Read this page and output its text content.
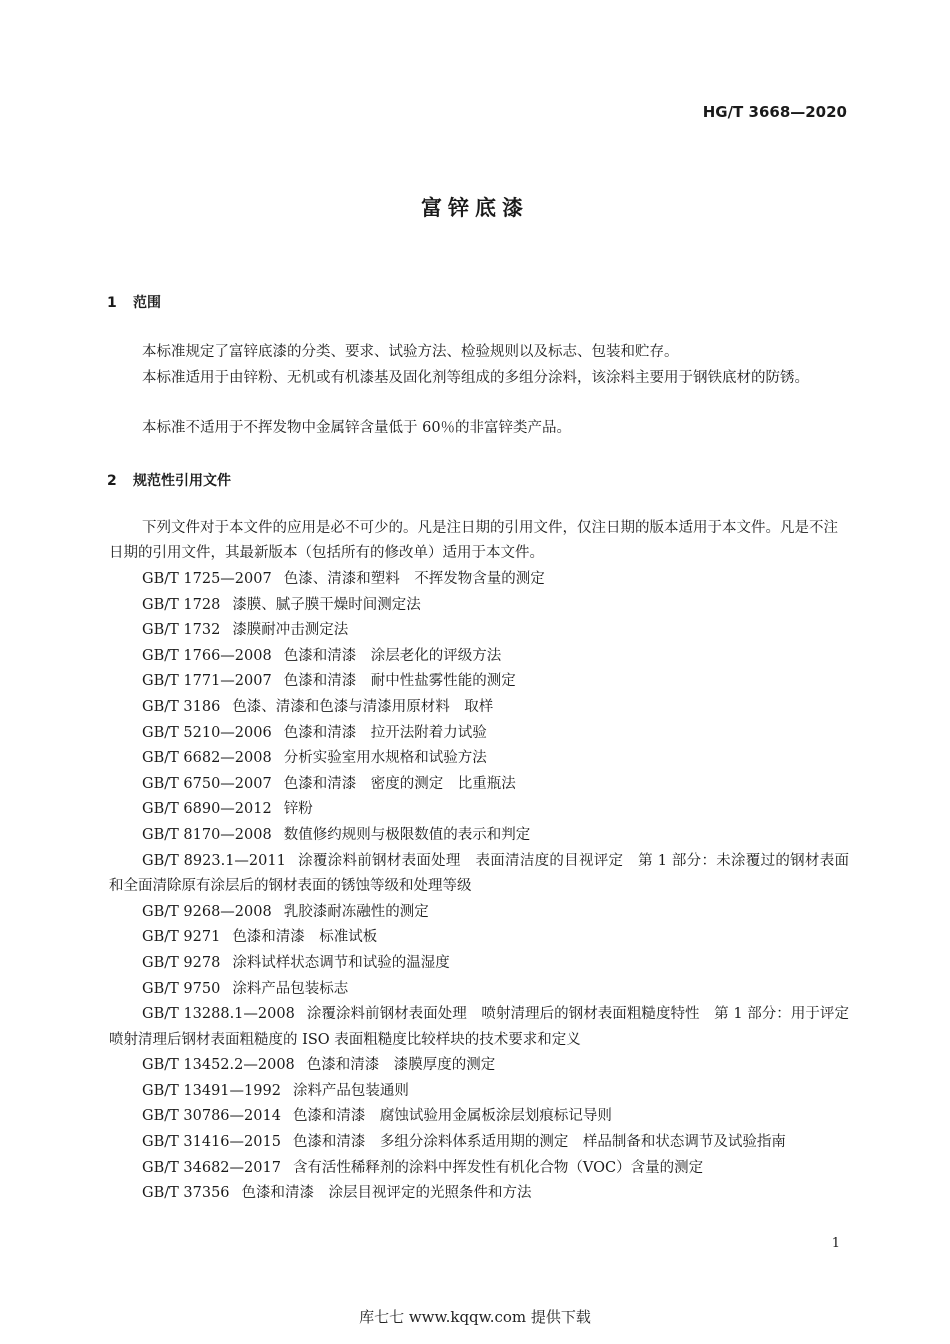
HG/T 3668—2020
富锌底漆
1 范围
本标准规定了富锌底漆的分类、要求、试验方法、检验规则以及标志、包装和贮存。
本标准适用于由锌粉、无机或有机漆基及固化剂等组成的多组分涂料，该涂料主要用于钢铁底材的防锈。
本标准不适用于不挥发物中金属锌含量低于 60％的非富锌类产品。
2 规范性引用文件
下列文件对于本文件的应用是必不可少的。凡是注日期的引用文件，仅注日期的版本适用于本文件。凡是不注日期的引用文件，其最新版本（包括所有的修改单）适用于本文件。
GB/T 1725—2007 色漆、清漆和塑料　不挥发物含量的测定
GB/T 1728 漆膜、腻子膜干燥时间测定法
GB/T 1732 漆膜耐冲击测定法
GB/T 1766—2008 色漆和清漆　涂层老化的评级方法
GB/T 1771—2007 色漆和清漆　耐中性盐雾性能的测定
GB/T 3186 色漆、清漆和色漆与清漆用原材料　取样
GB/T 5210—2006 色漆和清漆　拉开法附着力试验
GB/T 6682—2008 分析实验室用水规格和试验方法
GB/T 6750—2007 色漆和清漆　密度的测定　比重瓶法
GB/T 6890—2012 锌粉
GB/T 8170—2008 数值修约规则与极限数值的表示和判定
GB/T 8923.1—2011 涂覆涂料前钢材表面处理　表面清洁度的目视评定　第 1 部分：未涂覆过的钢材表面和全面清除原有涂层后的钢材表面的锈蚀等级和处理等级
GB/T 9268—2008 乳胶漆耐冻融性的测定
GB/T 9271 色漆和清漆　标准试板
GB/T 9278 涂料试样状态调节和试验的温湿度
GB/T 9750 涂料产品包装标志
GB/T 13288.1—2008 涂覆涂料前钢材表面处理　喷射清理后的钢材表面粗糙度特性　第 1 部分：用于评定喷射清理后钢材表面粗糙度的 ISO 表面粗糙度比较样块的技术要求和定义
GB/T 13452.2—2008 色漆和清漆　漆膜厚度的测定
GB/T 13491—1992 涂料产品包装通则
GB/T 30786—2014 色漆和清漆　腐蚀试验用金属板涂层划痕标记导则
GB/T 31416—2015 色漆和清漆　多组分涂料体系适用期的测定　样品制备和状态调节及试验指南
GB/T 34682—2017 含有活性稀释剂的涂料中挥发性有机化合物（VOC）含量的测定
GB/T 37356 色漆和清漆　涂层目视评定的光照条件和方法
1
库七七 www.kqqw.com 提供下载
